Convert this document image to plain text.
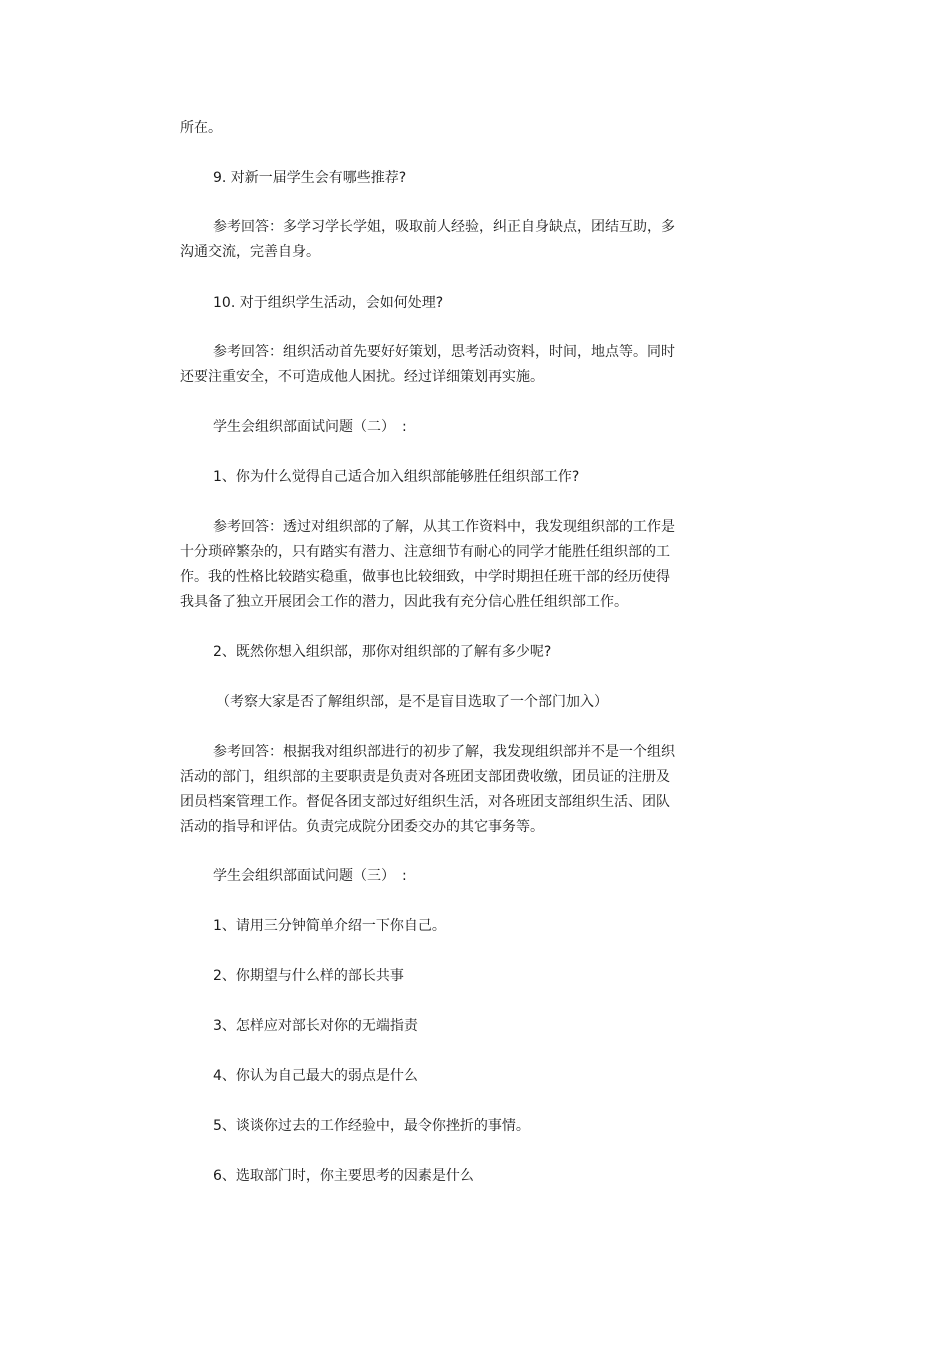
所在。

9. 对新一届学生会有哪些推荐?

参考回答：多学习学长学姐，吸取前人经验，纠正自身缺点，团结互助，多
沟通交流，完善自身。

10. 对于组织学生活动，会如何处理?

参考回答：组织活动首先要好好策划，思考活动资料，时间，地点等。同时
还要注重安全，不可造成他人困扰。经过详细策划再实施。

学生会组织部面试问题（二）　:

1、你为什么觉得自己适合加入组织部能够胜任组织部工作?

参考回答：透过对组织部的了解，从其工作资料中，我发现组织部的工作是
十分琐碎繁杂的，只有踏实有潜力、注意细节有耐心的同学才能胜任组织部的工
作。我的性格比较踏实稳重，做事也比较细致，中学时期担任班干部的经历使得
我具备了独立开展团会工作的潜力，因此我有充分信心胜任组织部工作。

2、既然你想入组织部，那你对组织部的了解有多少呢?

（考察大家是否了解组织部，是不是盲目选取了一个部门加入）

参考回答：根据我对组织部进行的初步了解，我发现组织部并不是一个组织
活动的部门，组织部的主要职责是负责对各班团支部团费收缴，团员证的注册及
团员档案管理工作。督促各团支部过好组织生活，对各班团支部组织生活、团队
活动的指导和评估。负责完成院分团委交办的其它事务等。

学生会组织部面试问题（三）　:

1、请用三分钟简单介绍一下你自己。

2、你期望与什么样的部长共事

3、怎样应对部长对你的无端指责

4、你认为自己最大的弱点是什么

5、谈谈你过去的工作经验中，最令你挫折的事情。

6、选取部门时，你主要思考的因素是什么
